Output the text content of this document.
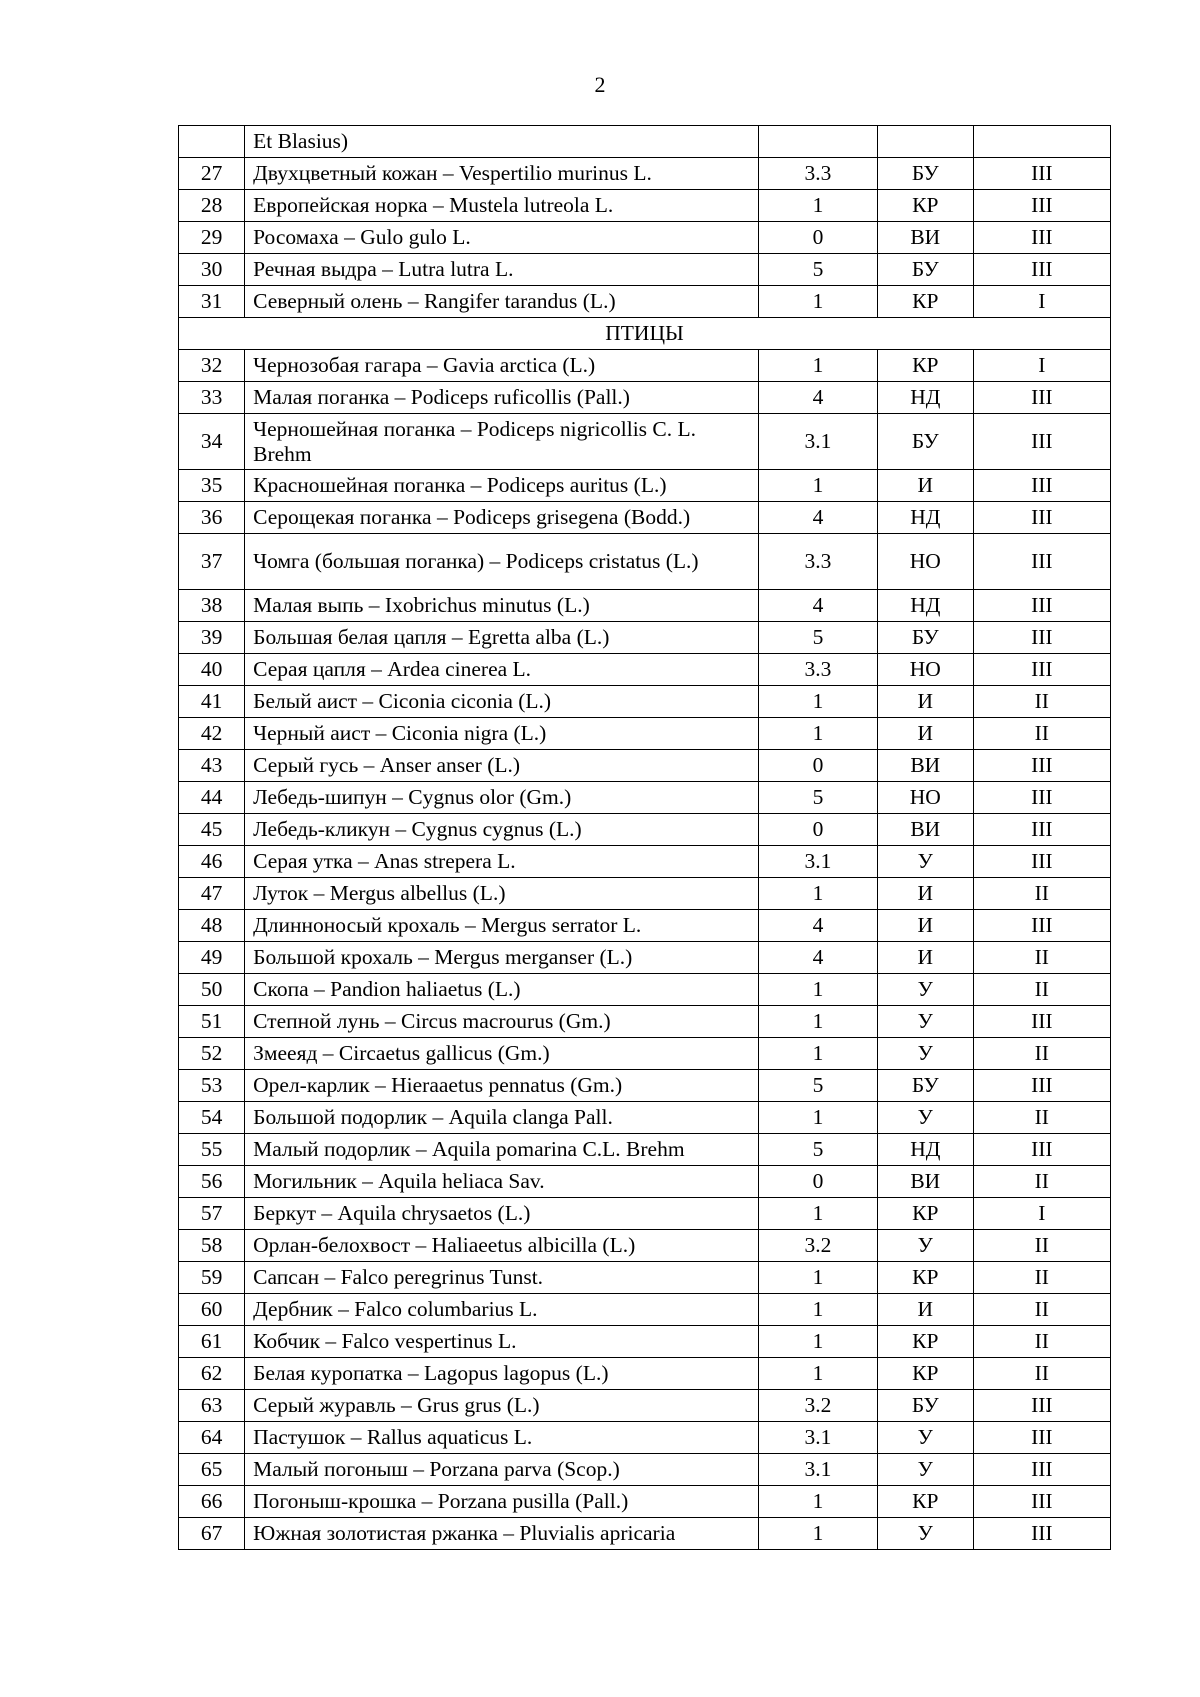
2
	Et Blasius)			
27	Двухцветный кожан – Vespertilio murinus L.	3.3	БУ	III
28	Европейская норка – Mustela lutreola L.	1	КР	III
29	Росомаха – Gulo gulo L.	0	ВИ	III
30	Речная выдра – Lutra lutra L.	5	БУ	III
31	Северный олень – Rangifer tarandus (L.)	1	КР	I
ПТИЦЫ				
32	Чернозобая гагара – Gavia arctica (L.)	1	КР	I
33	Малая поганка – Podiceps ruficollis (Pall.)	4	НД	III
34	Черношейная поганка – Podiceps nigricollis C. L. Brehm	3.1	БУ	III
35	Красношейная поганка – Podiceps auritus (L.)	1	И	III
36	Серощекая поганка – Podiceps grisegena (Bodd.)	4	НД	III
37	Чомга (большая поганка) – Podiceps cristatus (L.)	3.3	НО	III
38	Малая выпь – Ixobrichus minutus (L.)	4	НД	III
39	Большая белая цапля – Egretta alba (L.)	5	БУ	III
40	Серая цапля – Ardea cinerea L.	3.3	НО	III
41	Белый аист – Ciconia ciconia (L.)	1	И	II
42	Черный аист – Ciconia nigra (L.)	1	И	II
43	Серый гусь – Anser anser (L.)	0	ВИ	III
44	Лебедь-шипун – Cygnus olor (Gm.)	5	НО	III
45	Лебедь-кликун – Cygnus cygnus (L.)	0	ВИ	III
46	Серая утка – Anas strepera L.	3.1	У	III
47	Луток – Mergus albellus (L.)	1	И	II
48	Длинноносый крохаль – Mergus serrator L.	4	И	III
49	Большой крохаль – Mergus merganser (L.)	4	И	II
50	Скопа – Pandion haliaetus (L.)	1	У	II
51	Степной лунь – Circus macrourus (Gm.)	1	У	III
52	Змееяд – Circaetus gallicus (Gm.)	1	У	II
53	Орел-карлик – Hieraaetus pennatus (Gm.)	5	БУ	III
54	Большой подорлик – Aquila clanga Pall.	1	У	II
55	Малый подорлик – Aquila pomarina C.L. Brehm	5	НД	III
56	Могильник – Aquila heliaca Sav.	0	ВИ	II
57	Беркут – Aquila chrysaetos (L.)	1	КР	I
58	Орлан-белохвост – Haliaeetus albicilla (L.)	3.2	У	II
59	Сапсан – Falco peregrinus Tunst.	1	КР	II
60	Дербник – Falco columbarius L.	1	И	II
61	Кобчик – Falco vespertinus L.	1	КР	II
62	Белая куропатка – Lagopus lagopus (L.)	1	КР	II
63	Серый журавль – Grus grus (L.)	3.2	БУ	III
64	Пастушок – Rallus aquaticus L.	3.1	У	III
65	Малый погоныш – Porzana parva (Scop.)	3.1	У	III
66	Погоныш-крошка – Porzana pusilla (Pall.)	1	КР	III
67	Южная золотистая ржанка – Pluvialis apricaria	1	У	III
